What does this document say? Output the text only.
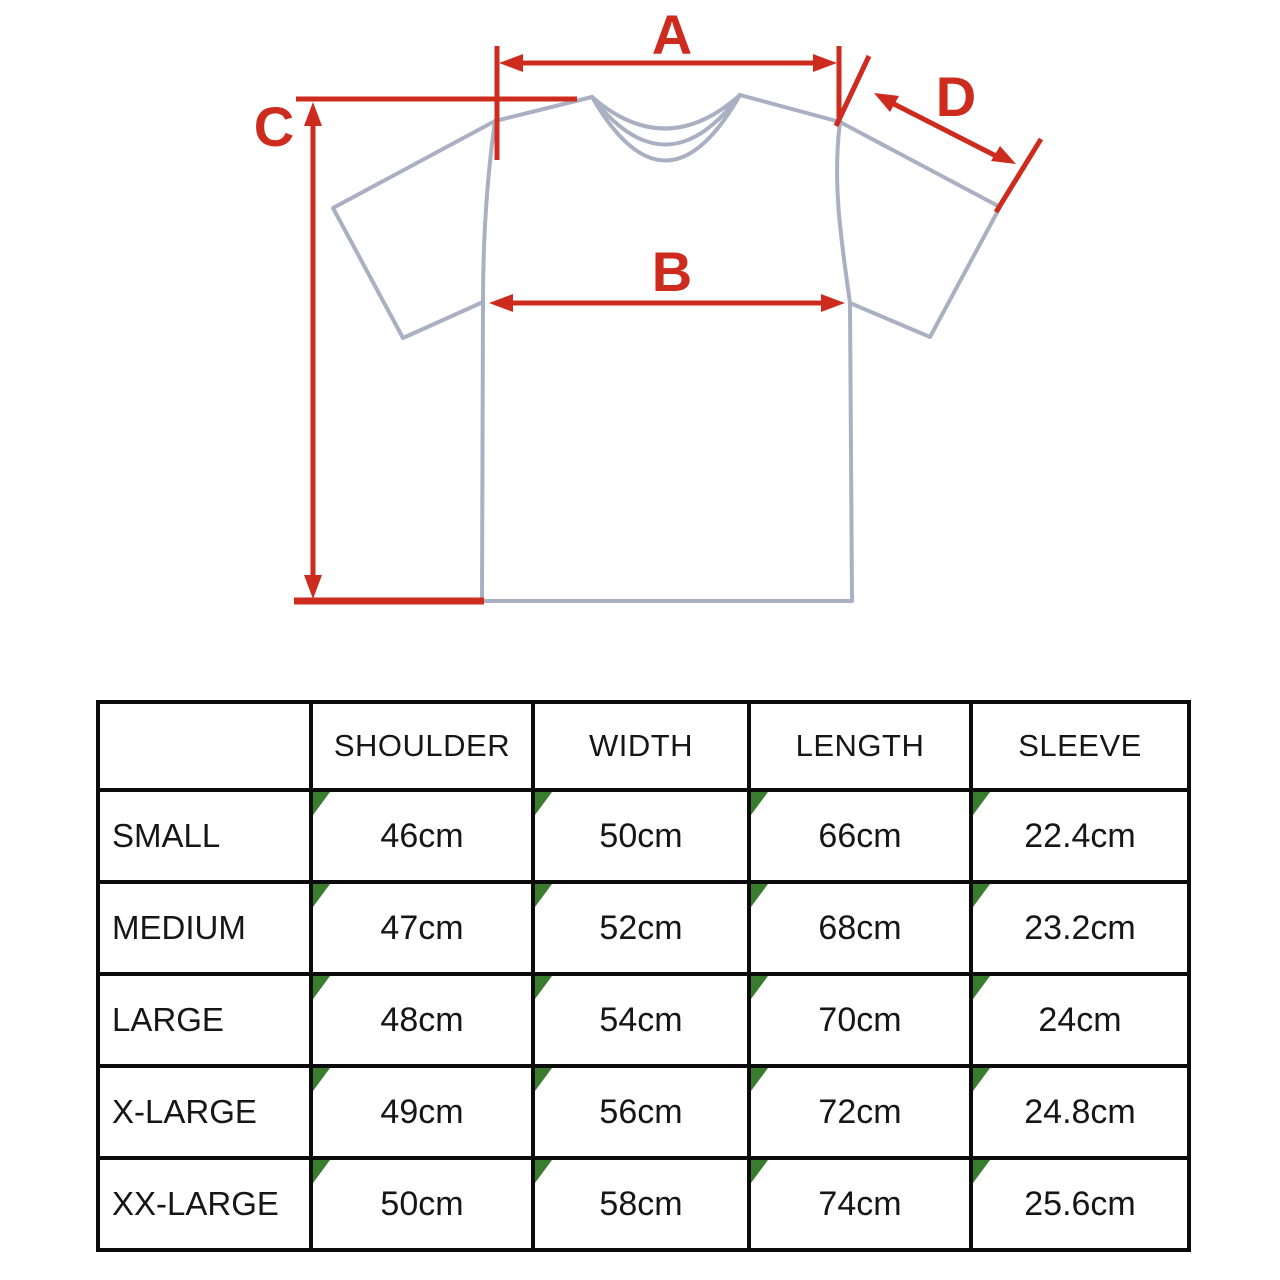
A
B
C	D
	SHOULDER	WIDTH	LENGTH	SLEEVE
SMALL	46cm	50cm	66cm	22.4cm
MEDIUM	47cm	52cm	68cm	23.2cm
LARGE	48cm	54cm	70cm	24cm
X-LARGE	49cm	56cm	72cm	24.8cm
XX-LARGE	50cm	58cm	74cm	25.6cm
